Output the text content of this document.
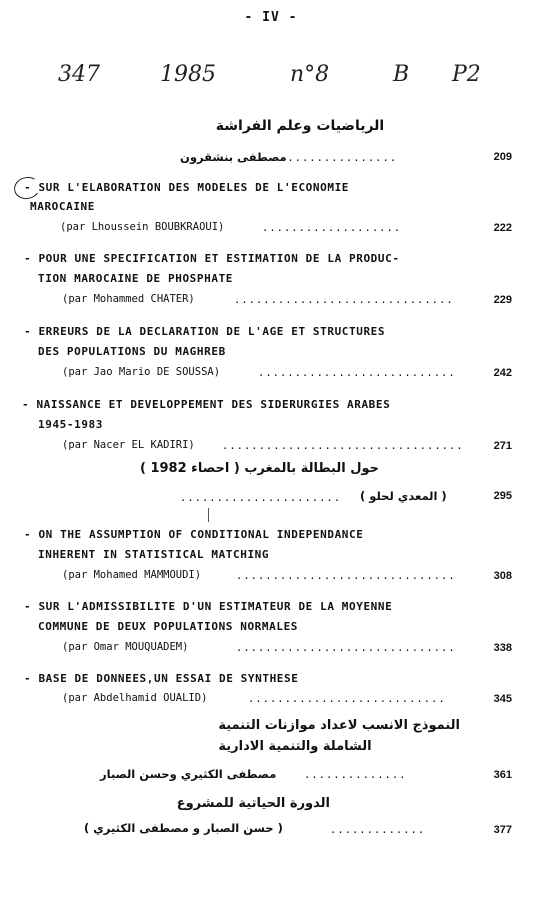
- IV -
347	1985	n°8	B P2
الرياضيات وعلم الفراشة
مصطفى بنشقرون
................	209
- SUR L'ELABORATION DES MODELES DE L'ECONOMIE
MAROCAINE
(par Lhoussein BOUBKRAOUI)	...................	222
- POUR UNE SPECIFICATION ET ESTIMATION DE LA PRODUC-
TION MAROCAINE DE PHOSPHATE
(par Mohammed CHATER)	..............................	229
- ERREURS DE LA DECLARATION DE L'AGE ET STRUCTURES
DES POPULATIONS DU MAGHREB
(par Jao Mario DE SOUSSA)	...........................	242
- NAISSANCE ET DEVELOPPEMENT DES SIDERURGIES ARABES
1945-1983
(par Nacer EL KADIRI)	.................................	271
حول البطالة بالمغرب ( احصاء 1982 )
...................... ( المعدي لحلو )	295
- ON THE ASSUMPTION OF CONDITIONAL INDEPENDANCE
INHERENT IN STATISTICAL MATCHING
(par Mohamed MAMMOUDI)	..............................	308
- SUR L'ADMISSIBILITE D'UN ESTIMATEUR DE LA MOYENNE
COMMUNE DE DEUX POPULATIONS NORMALES
(par Omar MOUQUADEM)	..............................	338
- BASE DE DONNEES,UN ESSAI DE SYNTHESE
(par Abdelhamid OUALID)	...........................	345
النموذج الانسب لاعداد موازنات التنمية
الشاملة والتنمية الادارية
مصطفى الكثيري وحسن الصبار	..............	361
الدورة الحياتية للمشروع
( حسن الصبار و مصطفى الكثيري )	.............	377
